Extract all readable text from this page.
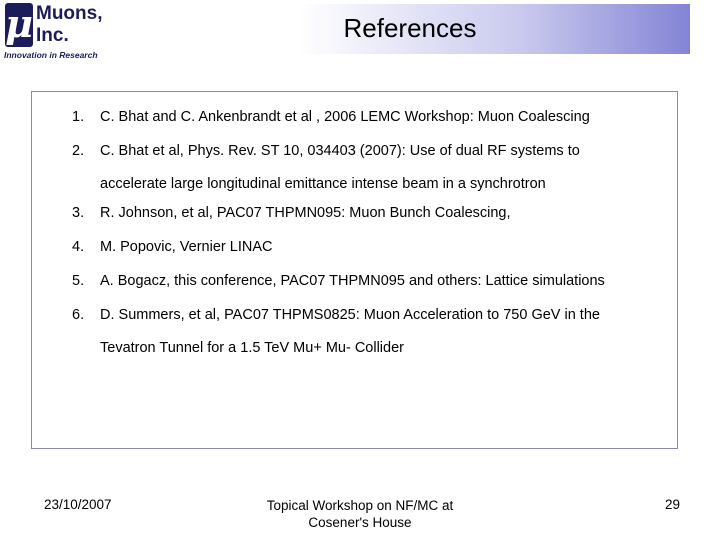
References
μ Muons,
Inc.
Innovation in Research
1. C. Bhat and C. Ankenbrandt et al , 2006 LEMC Workshop: Muon Coalescing
2. C. Bhat et al, Phys. Rev. ST 10, 034403 (2007): Use of dual RF systems to
accelerate large longitudinal emittance intense beam in a synchrotron
3. R. Johnson, et al, PAC07 THPMN095: Muon Bunch Coalescing,
4. M. Popovic, Vernier LINAC
5. A. Bogacz, this conference, PAC07 THPMN095 and others: Lattice simulations
6. D. Summers, et al, PAC07 THPMS0825: Muon Acceleration to 750 GeV in the
Tevatron Tunnel for a 1.5 TeV Mu+ Mu- Collider
23/10/2007	Topical Workshop on NF/MC at
Cosener's House
29
